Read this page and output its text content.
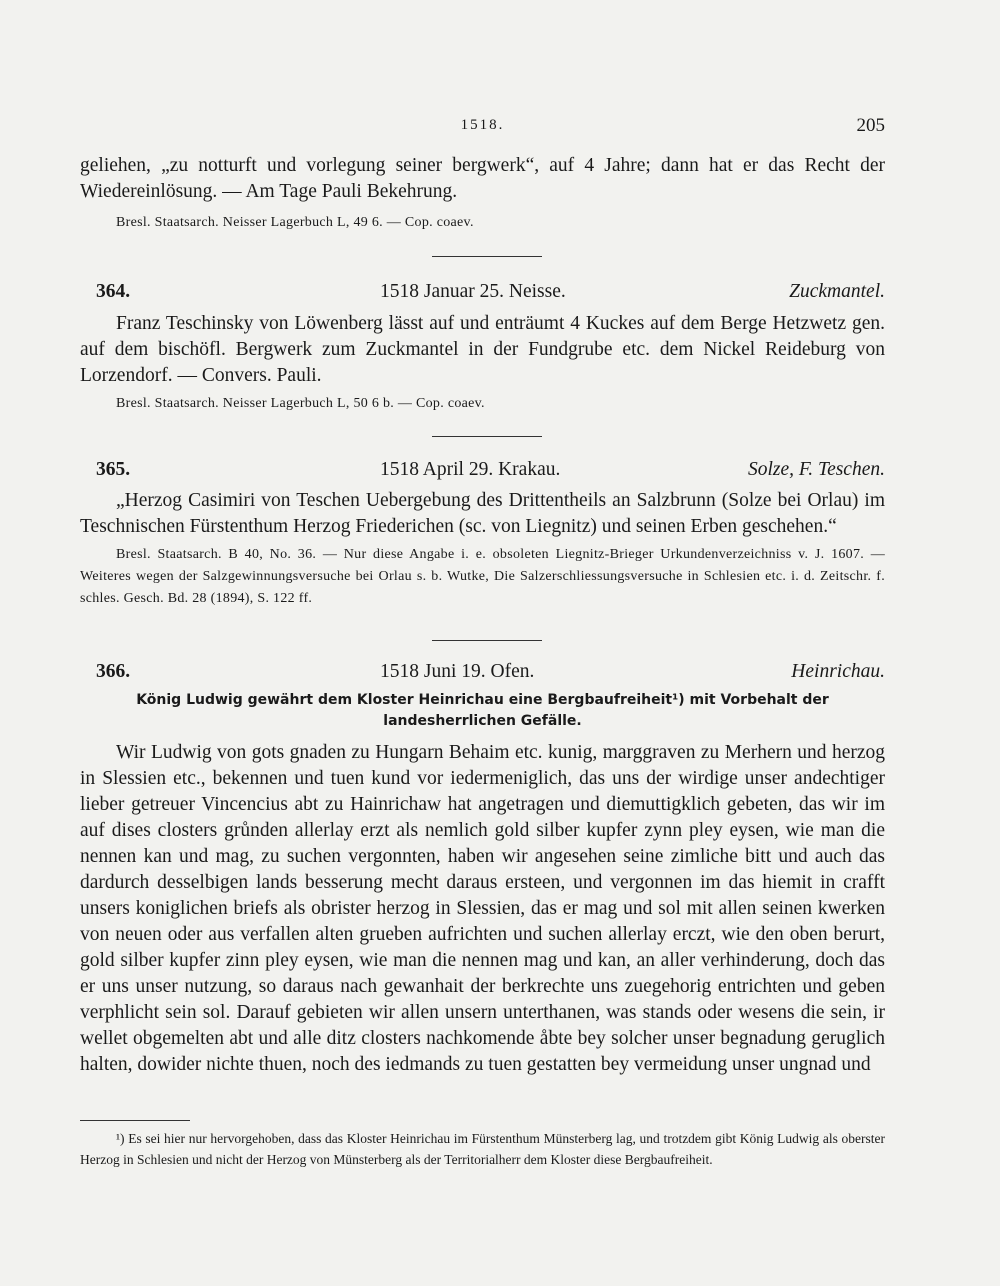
1518.	205
geliehen, „zu notturft und vorlegung seiner bergwerk“, auf 4 Jahre; dann hat er das Recht der Wiedereinlösung. — Am Tage Pauli Bekehrung.
Bresl. Staatsarch. Neisser Lagerbuch L, 49 6. — Cop. coaev.
364.	1518 Januar 25. Neisse.	Zuckmantel.
Franz Teschinsky von Löwenberg lässt auf und enträumt 4 Kuckes auf dem Berge Hetzwetz gen. auf dem bischöfl. Bergwerk zum Zuckmantel in der Fundgrube etc. dem Nickel Reideburg von Lorzendorf. — Convers. Pauli.
Bresl. Staatsarch. Neisser Lagerbuch L, 50 6 b. — Cop. coaev.
365.	1518 April 29. Krakau.	Solze, F. Teschen.
„Herzog Casimiri von Teschen Uebergebung des Drittentheils an Salzbrunn (Solze bei Orlau) im Teschnischen Fürstenthum Herzog Friederichen (sc. von Liegnitz) und seinen Erben geschehen.“
Bresl. Staatsarch. B 40, No. 36. — Nur diese Angabe i. e. obsoleten Liegnitz-Brieger Urkundenverzeichniss v. J. 1607. — Weiteres wegen der Salzgewinnungsversuche bei Orlau s. b. Wutke, Die Salzerschliessungsversuche in Schlesien etc. i. d. Zeitschr. f. schles. Gesch. Bd. 28 (1894), S. 122 ff.
366.	1518 Juni 19. Ofen.	Heinrichau.
König Ludwig gewährt dem Kloster Heinrichau eine Bergbaufreiheit¹) mit Vorbehalt der landesherrlichen Gefälle.
Wir Ludwig von gots gnaden zu Hungarn Behaim etc. kunig, marggraven zu Merhern und herzog in Slessien etc., bekennen und tuen kund vor iedermeniglich, das uns der wirdige unser andechtiger lieber getreuer Vincencius abt zu Hainrichaw hat angetragen und diemuttigklich gebeten, das wir im auf dises closters grůnden allerlay erzt als nemlich gold silber kupfer zynn pley eysen, wie man die nennen kan und mag, zu suchen vergonnten, haben wir angesehen seine zimliche bitt und auch das dardurch desselbigen lands besserung mecht daraus ersteen, und vergonnen im das hiemit in crafft unsers koniglichen briefs als obrister herzog in Slessien, das er mag und sol mit allen seinen kwerken von neuen oder aus verfallen alten grueben aufrichten und suchen allerlay erczt, wie den oben berurt, gold silber kupfer zinn pley eysen, wie man die nennen mag und kan, an aller verhinderung, doch das er uns unser nutzung, so daraus nach gewanhait der berkrechte uns zuegehorig entrichten und geben verphlicht sein sol. Darauf gebieten wir allen unsern unterthanen, was stands oder wesens die sein, ir wellet obgemelten abt und alle ditz closters nachkomende åbte bey solcher unser begnadung geruglich halten, dowider nichte thuen, noch des iedmands zu tuen gestatten bey vermeidung unser ungnad und
¹) Es sei hier nur hervorgehoben, dass das Kloster Heinrichau im Fürstenthum Münsterberg lag, und trotzdem gibt König Ludwig als oberster Herzog in Schlesien und nicht der Herzog von Münsterberg als der Territorialherr dem Kloster diese Bergbaufreiheit.
